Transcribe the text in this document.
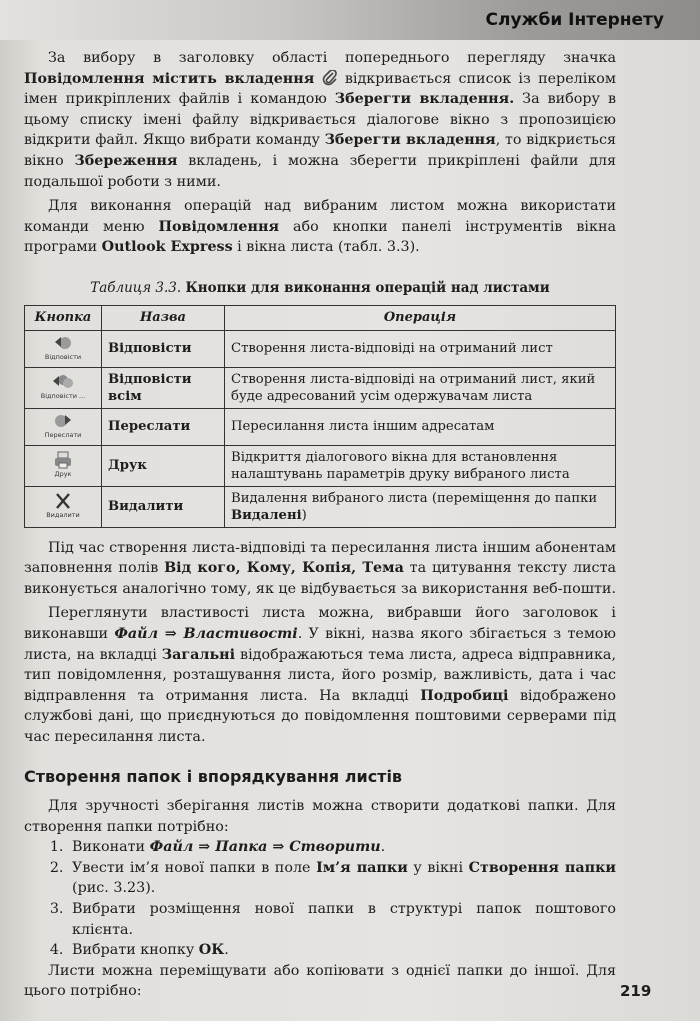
Служби Інтернету

За вибору в заголовку області попереднього перегляду значка Повідомлення містить вкладення  відкривається список із переліком імен прикріплених файлів і командою Зберегти вкладення. За вибору в цьому списку імені файлу відкривається діалогове вікно з пропозицією відкрити файл. Якщо вибрати команду Зберегти вкладення, то відкриється вікно Збереження вкладень, і можна зберегти прикріплені файли для подальшої роботи з ними.

Для виконання операцій над вибраним листом можна використати команди меню Повідомлення або кнопки панелі інструментів вікна програми Outlook Express і вікна листа (табл. 3.3).

Таблиця 3.3. Кнопки для виконання операцій над листами
Кнопка	Назва	Операція

Відповісти	Відповісти	Створення листа-відповіді на отриманий лист

Відповісти ...	Відповісти всім	Створення листа-відповіді на отриманий лист, який буде адресований усім одержувачам листа

Переслати	Переслати	Пересилання листа іншим адресатам

Друк	Друк	Відкриття діалогового вікна для встановлення налаштувань параметрів друку вибраного листа

Видалити	Видалити	Видалення вибраного листа (переміщення до папки Видалені)

Під час створення листа-відповіді та пересилання листа іншим абонентам заповнення полів Від кого, Кому, Копія, Тема та цитування тексту листа виконується аналогічно тому, як це відбувається за використання веб-пошти.

Переглянути властивості листа можна, вибравши його заголовок і виконавши Файл ⇒ Властивості. У вікні, назва якого збігається з темою листа, на вкладці Загальні відображаються тема листа, адреса відправника, тип повідомлення, розташування листа, його розмір, важливість, дата і час відправлення та отримання листа. На вкладці Подробиці відображено службові дані, що приєднуються до повідомлення поштовими серверами під час пересилання листа.

Створення папок і впорядкування листів

Для зручності зберігання листів можна створити додаткові папки. Для створення папки потрібно:

1. Виконати Файл ⇒ Папка ⇒ Створити.
2. Увести ім’я нової папки в поле Ім’я папки у вікні Створення папки (рис. 3.23).
3. Вибрати розміщення нової папки в структурі папок поштового клієнта.
4. Вибрати кнопку ОК.

Листи можна переміщувати або копіювати з однієї папки до іншої. Для цього потрібно:	219
